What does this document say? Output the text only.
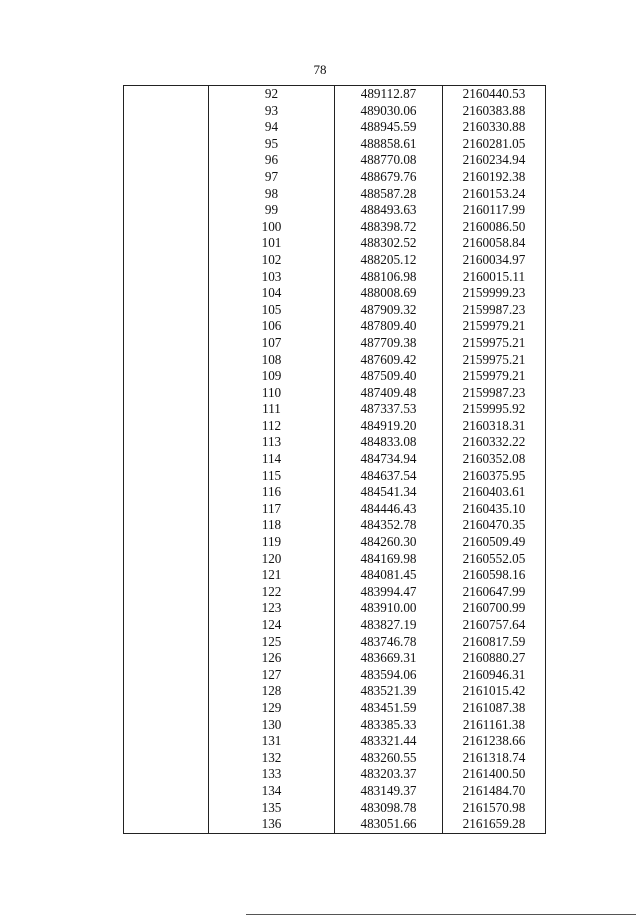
78
	92	489112.87	2160440.53
	93	489030.06	2160383.88
	94	488945.59	2160330.88
	95	488858.61	2160281.05
	96	488770.08	2160234.94
	97	488679.76	2160192.38
	98	488587.28	2160153.24
	99	488493.63	2160117.99
	100	488398.72	2160086.50
	101	488302.52	2160058.84
	102	488205.12	2160034.97
	103	488106.98	2160015.11
	104	488008.69	2159999.23
	105	487909.32	2159987.23
	106	487809.40	2159979.21
	107	487709.38	2159975.21
	108	487609.42	2159975.21
	109	487509.40	2159979.21
	110	487409.48	2159987.23
	111	487337.53	2159995.92
	112	484919.20	2160318.31
	113	484833.08	2160332.22
	114	484734.94	2160352.08
	115	484637.54	2160375.95
	116	484541.34	2160403.61
	117	484446.43	2160435.10
	118	484352.78	2160470.35
	119	484260.30	2160509.49
	120	484169.98	2160552.05
	121	484081.45	2160598.16
	122	483994.47	2160647.99
	123	483910.00	2160700.99
	124	483827.19	2160757.64
	125	483746.78	2160817.59
	126	483669.31	2160880.27
	127	483594.06	2160946.31
	128	483521.39	2161015.42
	129	483451.59	2161087.38
	130	483385.33	2161161.38
	131	483321.44	2161238.66
	132	483260.55	2161318.74
	133	483203.37	2161400.50
	134	483149.37	2161484.70
	135	483098.78	2161570.98
	136	483051.66	2161659.28
